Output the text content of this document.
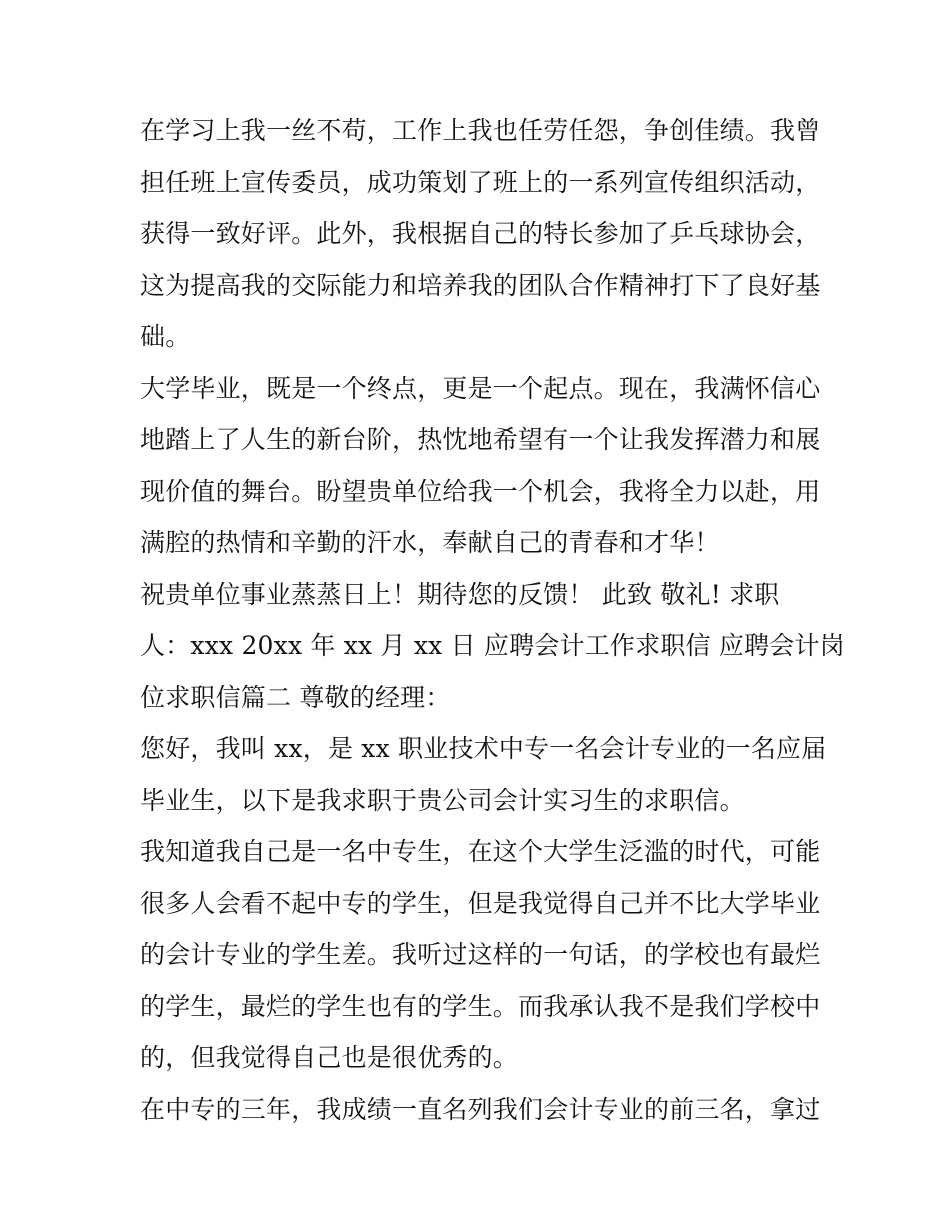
在学习上我一丝不苟，工作上我也任劳任怨，争创佳绩。我曾
担任班上宣传委员，成功策划了班上的一系列宣传组织活动，
获得一致好评。此外，我根据自己的特长参加了乒乓球协会，
这为提高我的交际能力和培养我的团队合作精神打下了良好基
础。
大学毕业，既是一个终点，更是一个起点。现在，我满怀信心
地踏上了人生的新台阶，热忱地希望有一个让我发挥潜力和展
现价值的舞台。盼望贵单位给我一个机会，我将全力以赴，用
满腔的热情和辛勤的汗水，奉献自己的青春和才华！
祝贵单位事业蒸蒸日上！期待您的反馈！ 此致 敬礼! 求职
人：xxx 20xx 年 xx 月 xx 日 应聘会计工作求职信 应聘会计岗
位求职信篇二 尊敬的经理：
您好，我叫 xx，是 xx 职业技术中专一名会计专业的一名应届
毕业生，以下是我求职于贵公司会计实习生的求职信。
我知道我自己是一名中专生，在这个大学生泛滥的时代，可能
很多人会看不起中专的学生，但是我觉得自己并不比大学毕业
的会计专业的学生差。我听过这样的一句话，的学校也有最烂
的学生，最烂的学生也有的学生。而我承认我不是我们学校中
的，但我觉得自己也是很优秀的。
在中专的三年，我成绩一直名列我们会计专业的前三名，拿过
